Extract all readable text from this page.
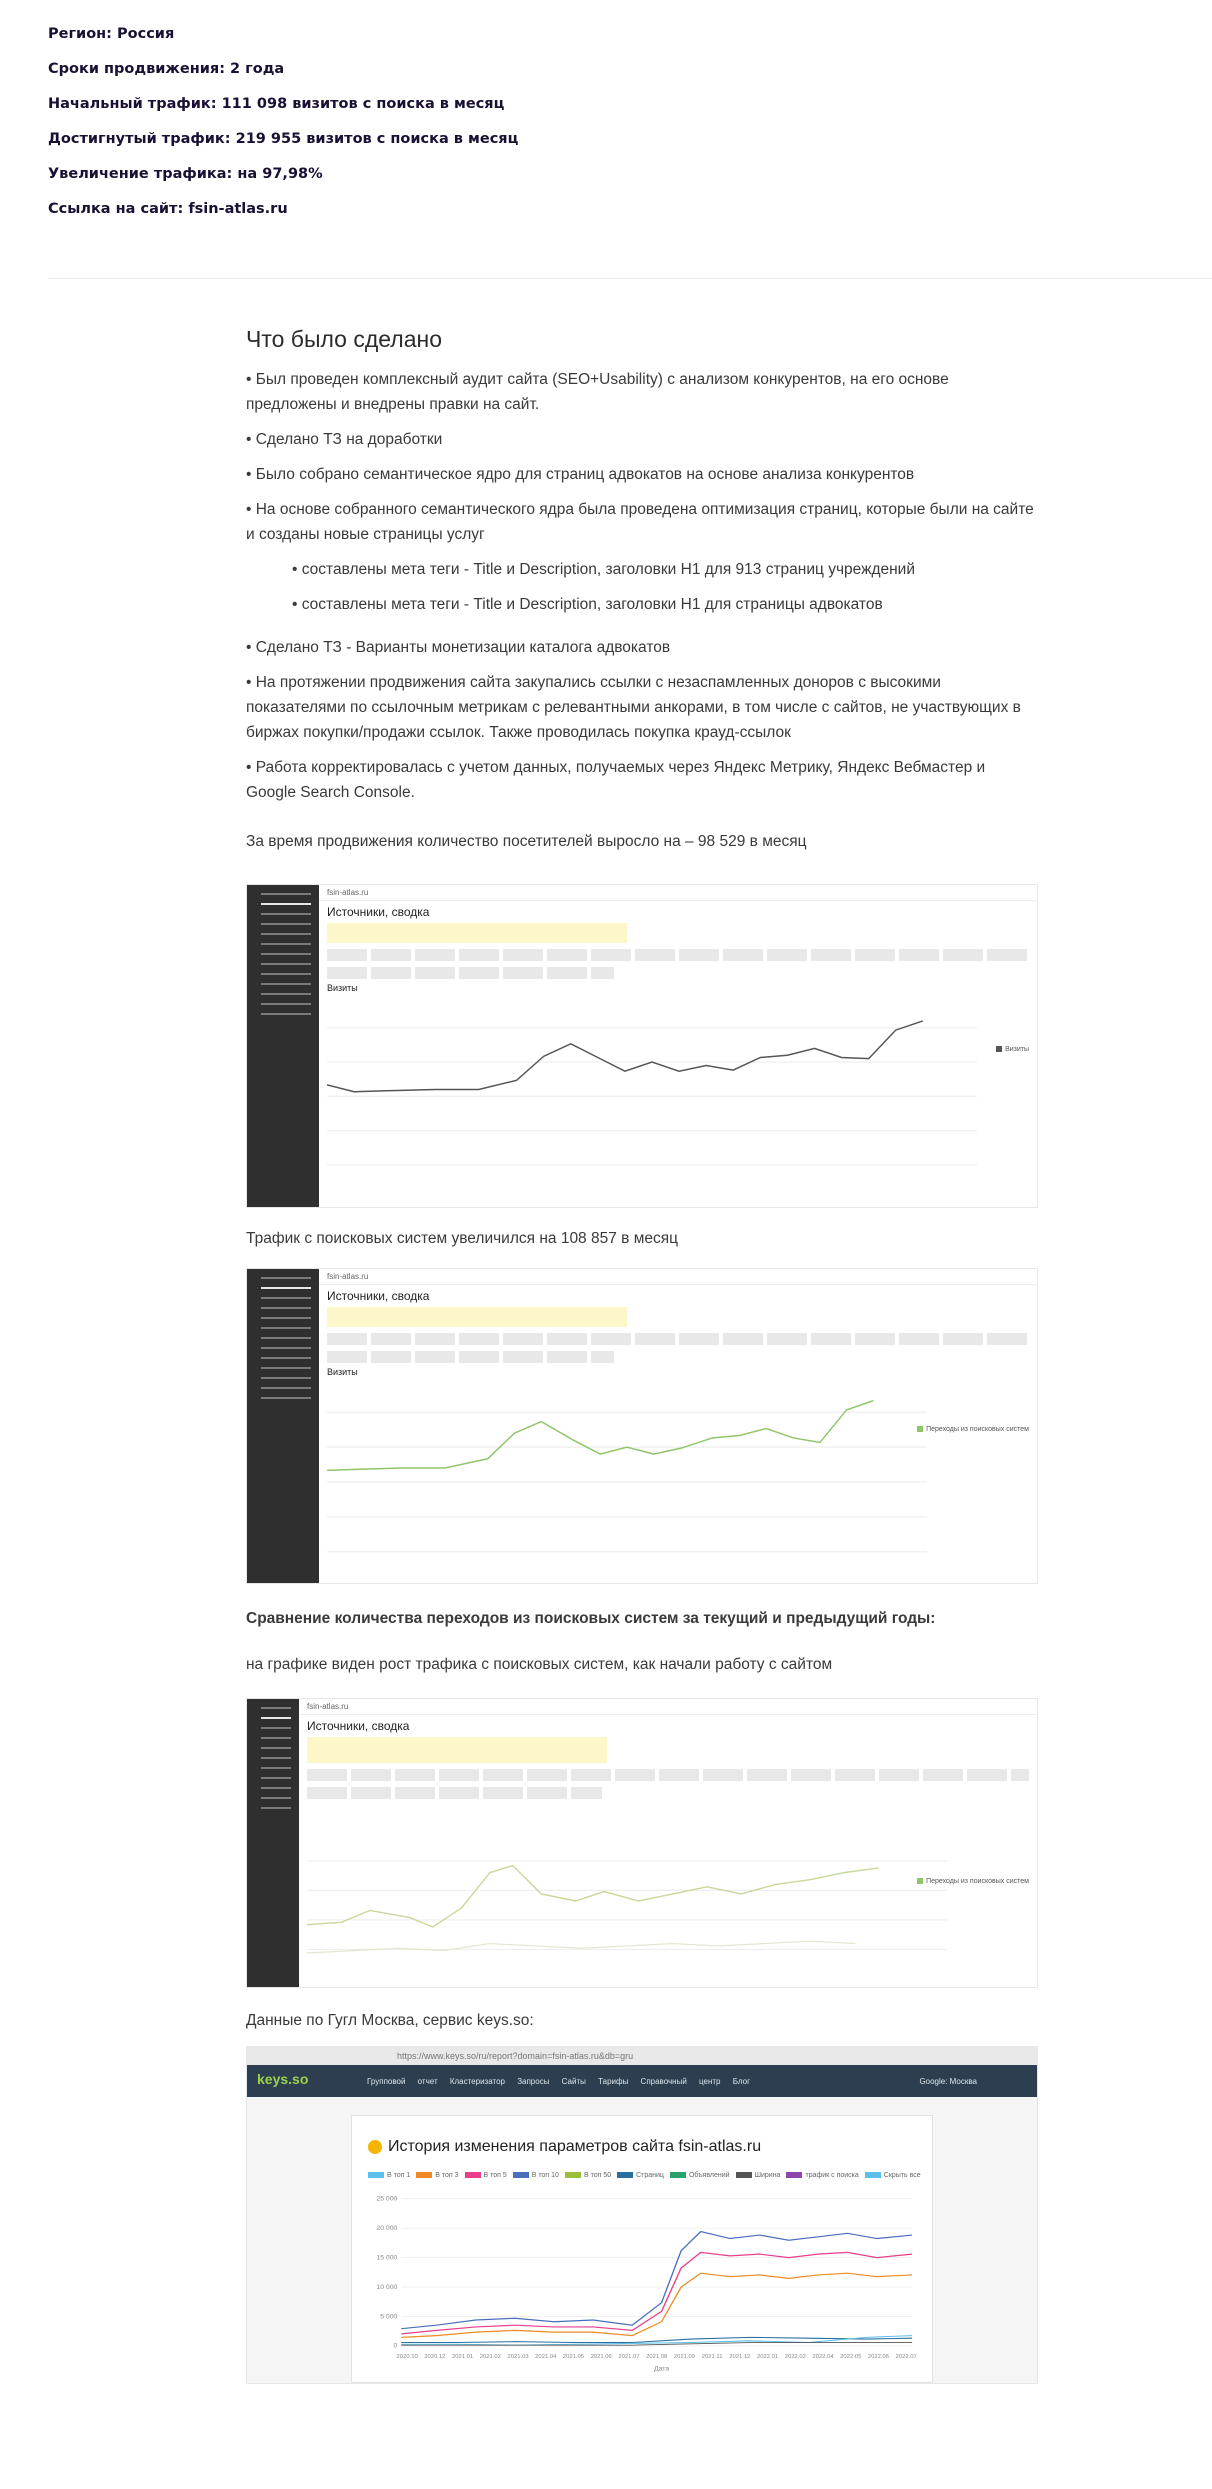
Регион: Россия

Сроки продвижения: 2 года

Начальный трафик: 111 098 визитов с поиска в месяц

Достигнутый трафик: 219 955 визитов с поиска в месяц

Увеличение трафика: на 97,98%

Ссылка на сайт: fsin-atlas.ru

Что было сделано
• Был проведен комплексный аудит сайта (SEO+Usability) с анализом конкурентов, на его основе предложены и внедрены правки на сайт.
• Сделано ТЗ на доработки
• Было собрано семантическое ядро для страниц адвокатов на основе анализа конкурентов
• На основе собранного семантического ядра была проведена оптимизация страниц, которые были на сайте и созданы новые страницы услуг
• составлены мета теги - Title и Description, заголовки H1 для 913 страниц учреждений
• составлены мета теги - Title и Description, заголовки H1 для страницы адвокатов
• Сделано ТЗ - Варианты монетизации каталога адвокатов
• На протяжении продвижения сайта закупались ссылки с незаспамленных доноров с высокими показателями по ссылочным метрикам с релевантными анкорами, в том числе с сайтов, не участвующих в биржах покупки/продажи ссылок. Также проводилась покупка крауд-ссылок
• Работа корректировалась с учетом данных, получаемых через Яндекс Метрику, Яндекс Вебмастер и Google Search Console.
За время продвижения количество посетителей выросло на – 98 529 в месяц
fsin-atlas.ru
Источники, сводка
Визиты
Визиты
Трафик с поисковых систем увеличился на 108 857 в месяц
fsin-atlas.ru
Источники, сводка
Визиты
Переходы из поисковых систем
Сравнение количества переходов из поисковых систем за текущий и предыдущий годы:
на графике виден рост трафика с поисковых систем, как начали работу с сайтом
fsin-atlas.ru
Источники, сводка
Переходы из поисковых систем
Данные по Гугл Москва, сервис keys.so:
https://www.keys.so/ru/report?domain=fsin-atlas.ru&db=gru
keys.so	Групповой отчет Кластеризатор Запросы Сайты Тарифы Справочный центр Блог	Google: Москва
История изменения параметров сайта fsin-atlas.ru
В топ 1	В топ 3	В топ 5	В топ 10	В топ 50	Страниц	Объявлений	Ширина	трафик с поиска	Скрыть все
25 000
20 000
15 000
10 000
5 000
0
2020.10 2020.12 2021.01 2021.02 2021.03 2021.04 2021.05 2021.06 2021.07 2021.08 2021.09 2021.11 2021.12 2022.01 2022.02 2022.04 2022.05 2022.06 2022.07
Дата
